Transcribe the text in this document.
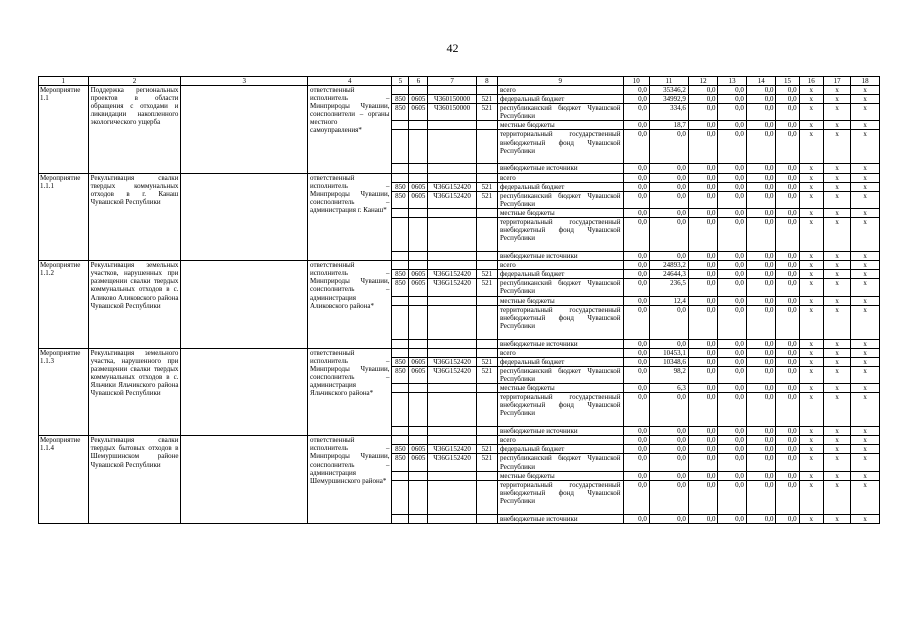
42
1	2	3	4	5	6	7	8	9	10	11	12	13	14	15	16	17	18
Мероприятие 1.1	Поддержка региональных проектов в области обращения с отходами и ликвидации накопленного экологического ущерба		ответственный исполнитель – Минприроды Чувашии, соисполнители – органы местного самоуправления*					всего	0,0	35346,2	0,0	0,0	0,0	0,0	х	х	х
				850	0605	Ч360150000	521	федеральный бюджет	0,0	34992,9	0,0	0,0	0,0	0,0	х	х	х
				850	0605	Ч360150000	521	республиканский бюджет Чувашской Республики	0,0	334,6	0,0	0,0	0,0	0,0	х	х	х
								местные бюджеты	0,0	18,7	0,0	0,0	0,0	0,0	х	х	х
								территориальный государственный внебюджетный фонд Чувашской Республики	0,0	0,0	0,0	0,0	0,0	0,0	х	х	х
								внебюджетные источники	0,0	0,0	0,0	0,0	0,0	0,0	х	х	х
Мероприятие 1.1.1	Рекультивация свалки твердых коммунальных отходов в г. Канаш Чувашской Республики		ответственный исполнитель – Минприроды Чувашии, соисполнитель – администрация г. Канаш*					всего	0,0	0,0	0,0	0,0	0,0	0,0	х	х	х
				850	0605	Ч36G152420	521	федеральный бюджет	0,0	0,0	0,0	0,0	0,0	0,0	х	х	х
				850	0605	Ч36G152420	521	республиканский бюджет Чувашской Республики	0,0	0,0	0,0	0,0	0,0	0,0	х	х	х
								местные бюджеты	0,0	0,0	0,0	0,0	0,0	0,0	х	х	х
								территориальный государственный внебюджетный фонд Чувашской Республики	0,0	0,0	0,0	0,0	0,0	0,0	х	х	х
								внебюджетные источники	0,0	0,0	0,0	0,0	0,0	0,0	х	х	х
Мероприятие 1.1.2	Рекультивация земельных участков, нарушенных при размещении свалки твердых коммунальных отходов в с. Аликово Аликовского района Чувашской Республики		ответственный исполнитель – Минприроды Чувашии, соисполнитель – администрация Аликовского района*					всего	0,0	24893,2	0,0	0,0	0,0	0,0	х	х	х
				850	0605	Ч36G152420	521	федеральный бюджет	0,0	24644,3	0,0	0,0	0,0	0,0	х	х	х
				850	0605	Ч36G152420	521	республиканский бюджет Чувашской Республики	0,0	236,5	0,0	0,0	0,0	0,0	х	х	х
								местные бюджеты	0,0	12,4	0,0	0,0	0,0	0,0	х	х	х
								территориальный государственный внебюджетный фонд Чувашской Республики	0,0	0,0	0,0	0,0	0,0	0,0	х	х	х
								внебюджетные источники	0,0	0,0	0,0	0,0	0,0	0,0	х	х	х
Мероприятие 1.1.3	Рекультивация земельного участка, нарушенного при размещении свалки твердых коммунальных отходов в с. Яльчики Яльчикского района Чувашской Республики		ответственный исполнитель – Минприроды Чувашии, соисполнитель – администрация Яльчикского района*					всего	0,0	10453,1	0,0	0,0	0,0	0,0	х	х	х
				850	0605	Ч36G152420	521	федеральный бюджет	0,0	10348,6	0,0	0,0	0,0	0,0	х	х	х
				850	0605	Ч36G152420	521	республиканский бюджет Чувашской Республики	0,0	98,2	0,0	0,0	0,0	0,0	х	х	х
								местные бюджеты	0,0	6,3	0,0	0,0	0,0	0,0	х	х	х
								территориальный государственный внебюджетный фонд Чувашской Республики	0,0	0,0	0,0	0,0	0,0	0,0	х	х	х
								внебюджетные источники	0,0	0,0	0,0	0,0	0,0	0,0	х	х	х
Мероприятие 1.1.4	Рекультивация свалки твердых бытовых отходов в Шемуршинском районе Чувашской Республики		ответственный исполнитель – Минприроды Чувашии, соисполнитель – администрация Шемуршинского района*					всего	0,0	0,0	0,0	0,0	0,0	0,0	х	х	х
				850	0605	Ч36G152420	521	федеральный бюджет	0,0	0,0	0,0	0,0	0,0	0,0	х	х	х
				850	0605	Ч36G152420	521	республиканский бюджет Чувашской Республики	0,0	0,0	0,0	0,0	0,0	0,0	х	х	х
								местные бюджеты	0,0	0,0	0,0	0,0	0,0	0,0	х	х	х
								территориальный государственный внебюджетный фонд Чувашской Республики	0,0	0,0	0,0	0,0	0,0	0,0	х	х	х
								внебюджетные источники	0,0	0,0	0,0	0,0	0,0	0,0	х	х	х
